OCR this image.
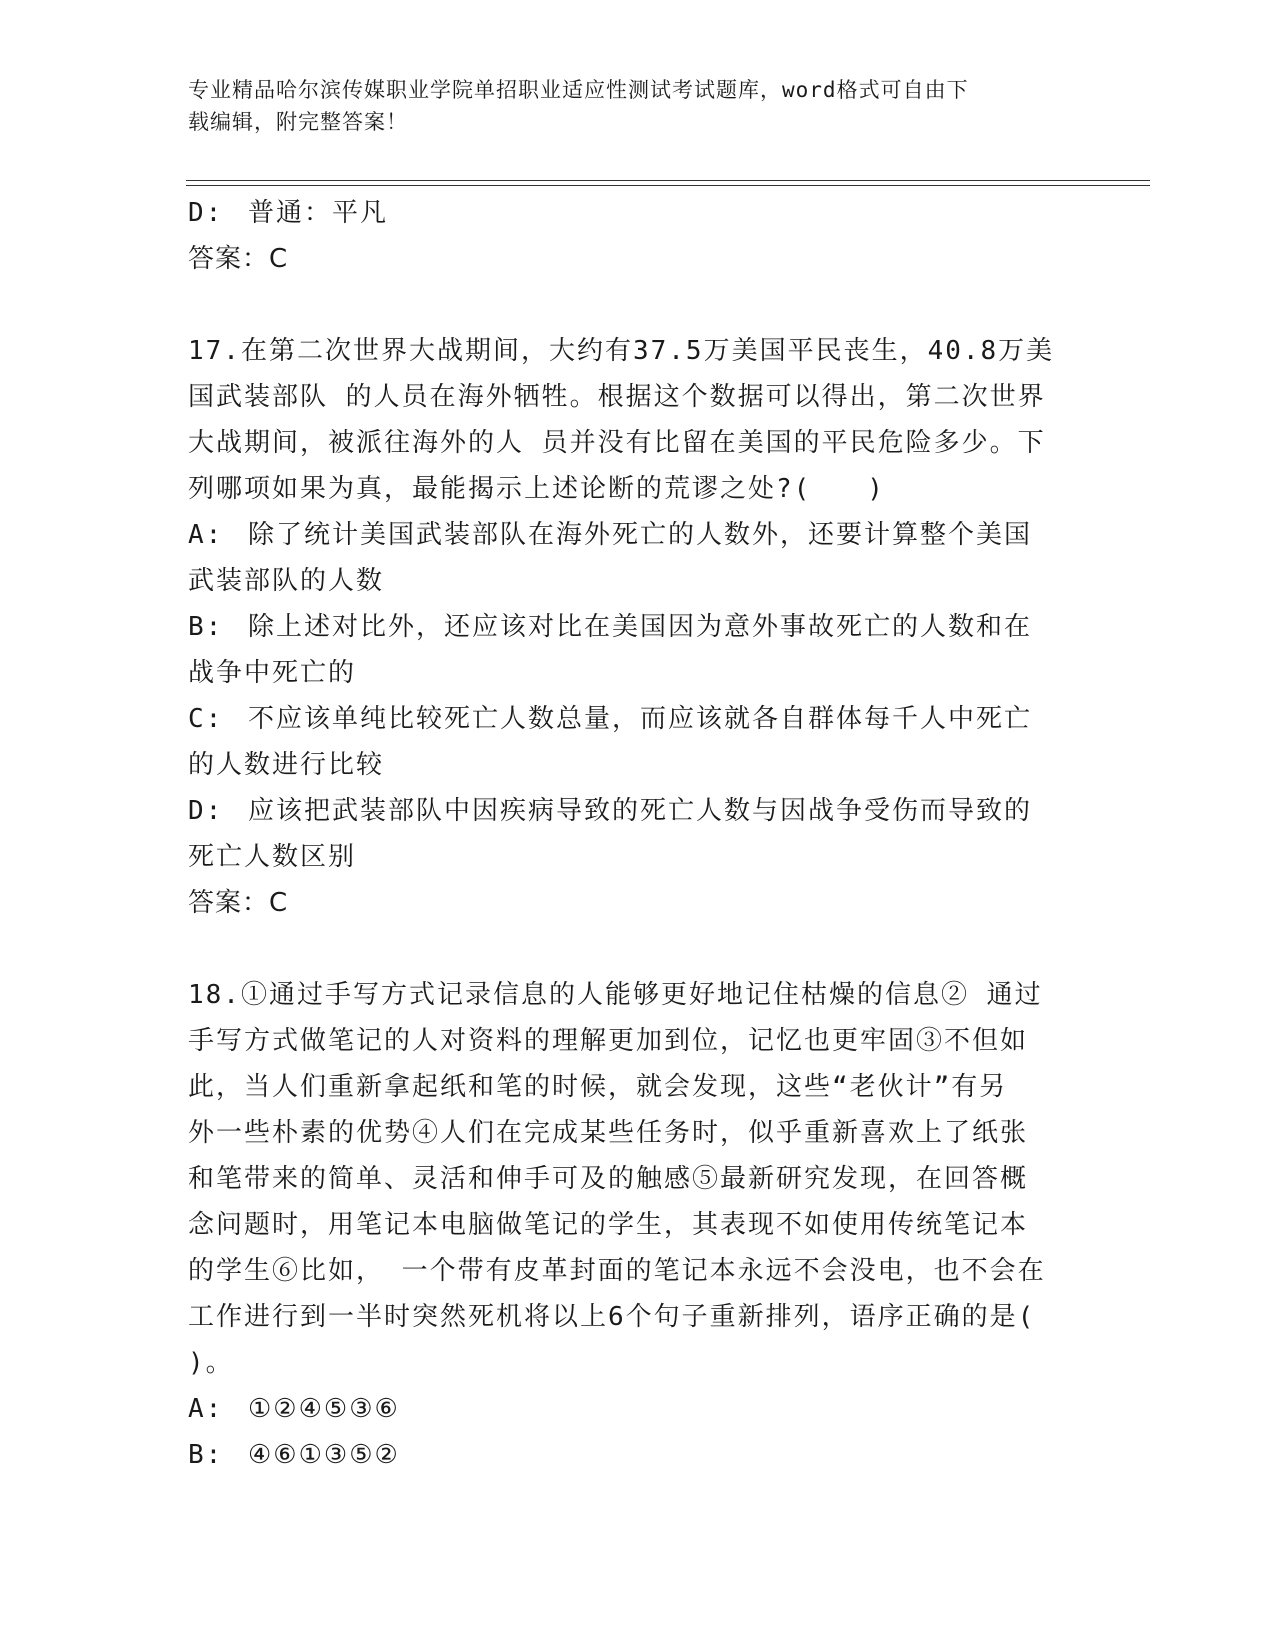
专业精品哈尔滨传媒职业学院单招职业适应性测试考试题库，word格式可自由下
载编辑，附完整答案！
D: 普通：平凡
答案：C
17.在第二次世界大战期间，大约有37.5万美国平民丧生，40.8万美
国武装部队 的人员在海外牺牲。根据这个数据可以得出，第二次世界
大战期间，被派往海外的人 员并没有比留在美国的平民危险多少。下
列哪项如果为真，最能揭示上述论断的荒谬之处?(　　)
A: 除了统计美国武装部队在海外死亡的人数外，还要计算整个美国
武装部队的人数
B: 除上述对比外，还应该对比在美国因为意外事故死亡的人数和在
战争中死亡的
C: 不应该单纯比较死亡人数总量，而应该就各自群体每千人中死亡
的人数进行比较
D: 应该把武装部队中因疾病导致的死亡人数与因战争受伤而导致的
死亡人数区别
答案：C
18.①通过手写方式记录信息的人能够更好地记住枯燥的信息② 通过
手写方式做笔记的人对资料的理解更加到位，记忆也更牢固③不但如
此，当人们重新拿起纸和笔的时候，就会发现，这些“老伙计”有另
外一些朴素的优势④人们在完成某些任务时，似乎重新喜欢上了纸张
和笔带来的简单、灵活和伸手可及的触感⑤最新研究发现，在回答概
念问题时，用笔记本电脑做笔记的学生，其表现不如使用传统笔记本
的学生⑥比如， 一个带有皮革封面的笔记本永远不会没电，也不会在
工作进行到一半时突然死机将以上6个句子重新排列，语序正确的是(
)。
A: ①②④⑤③⑥
B: ④⑥①③⑤②
